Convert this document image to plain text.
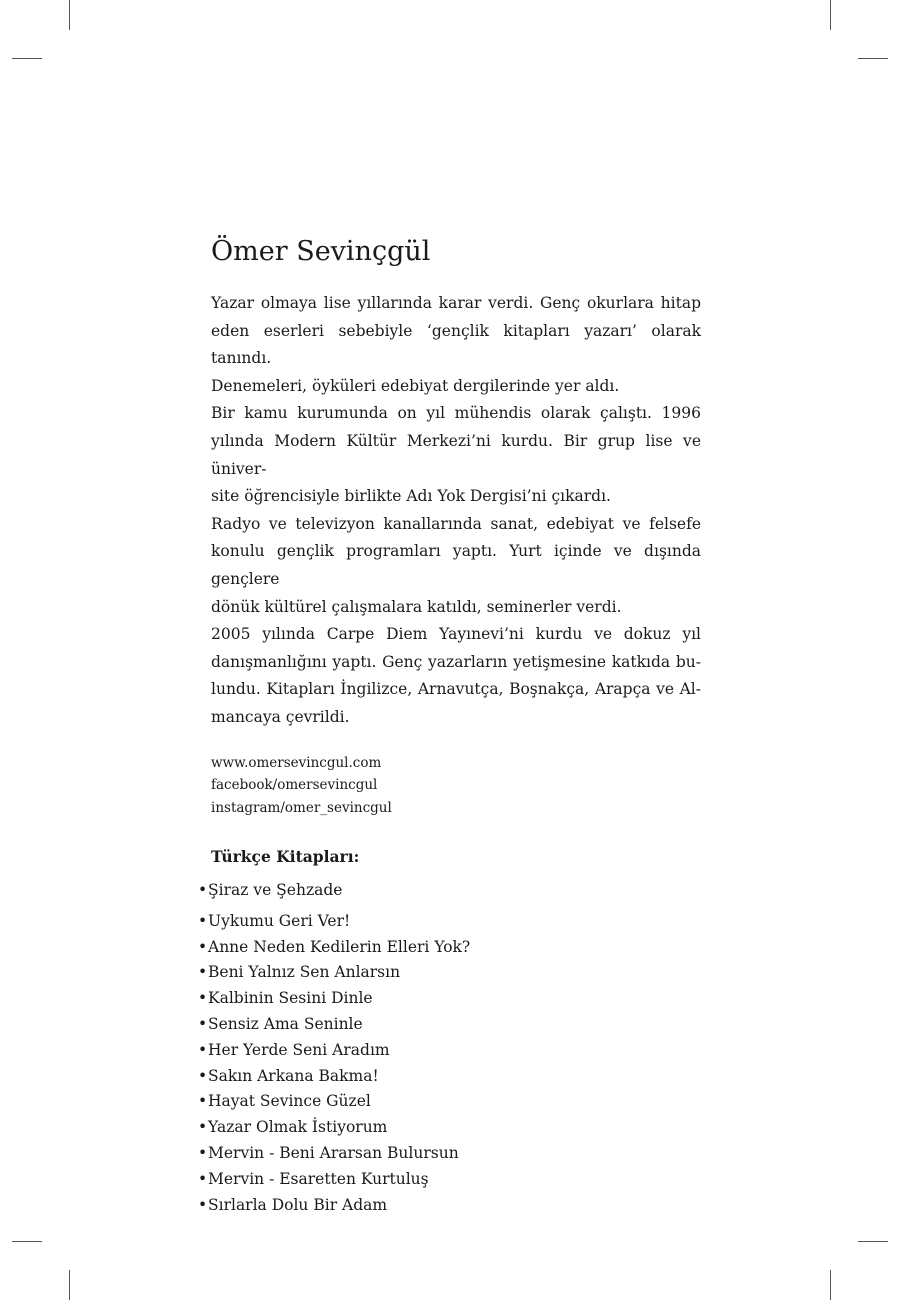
Ömer Sevinçgül

Yazar olmaya lise yıllarında karar verdi. Genç okurlara hitap
eden eserleri sebebiyle ‘gençlik kitapları yazarı’ olarak tanındı.
Denemeleri, öyküleri edebiyat dergilerinde yer aldı.

Bir kamu kurumunda on yıl mühendis olarak çalıştı. 1996
yılında Modern Kültür Merkezi’ni kurdu. Bir grup lise ve üniver-
site öğrencisiyle birlikte Adı Yok Dergisi’ni çıkardı.

Radyo ve televizyon kanallarında sanat, edebiyat ve felsefe
konulu gençlik programları yaptı. Yurt içinde ve dışında gençlere
dönük kültürel çalışmalara katıldı, seminerler verdi.

2005 yılında Carpe Diem Yayınevi’ni kurdu ve dokuz yıl
danışmanlığını yaptı. Genç yazarların yetişmesine katkıda bu-
lundu. Kitapları İngilizce, Arnavutça, Boşnakça, Arapça ve Al-
mancaya çevrildi.

www.omersevincgul.com
facebook/omersevincgul
instagram/omer_sevincgul
Türkçe Kitapları:
•Şiraz ve Şehzade
•Uykumu Geri Ver!
•Anne Neden Kedilerin Elleri Yok?
•Beni Yalnız Sen Anlarsın
•Kalbinin Sesini Dinle
•Sensiz Ama Seninle
•Her Yerde Seni Aradım
•Sakın Arkana Bakma!
•Hayat Sevince Güzel
•Yazar Olmak İstiyorum
•Mervin - Beni Ararsan Bulursun
•Mervin - Esaretten Kurtuluş
•Sırlarla Dolu Bir Adam
